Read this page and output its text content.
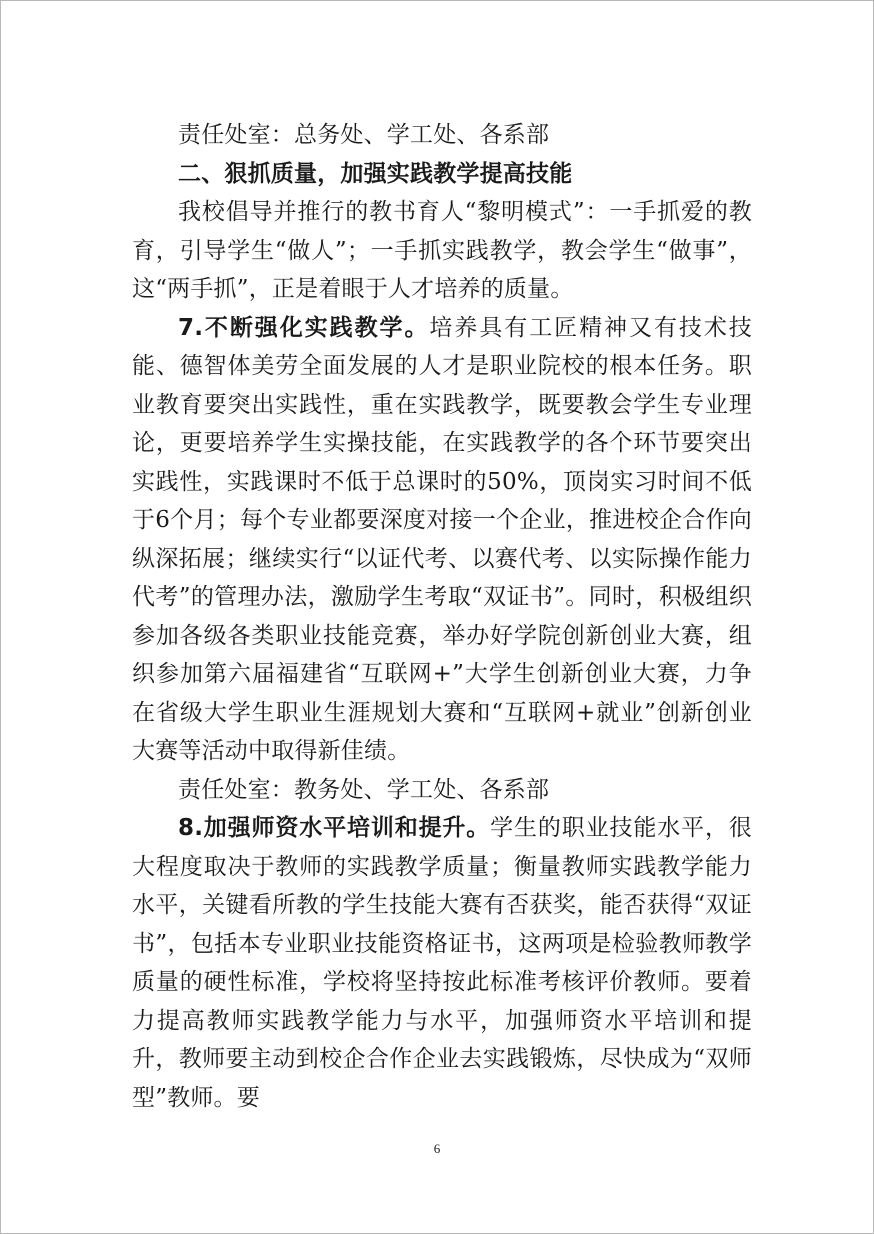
责任处室：总务处、学工处、各系部

二、狠抓质量，加强实践教学提高技能

我校倡导并推行的教书育人“黎明模式”：一手抓爱的教育，引导学生“做人”；一手抓实践教学，教会学生“做事”，这“两手抓”，正是着眼于人才培养的质量。

7.不断强化实践教学。培养具有工匠精神又有技术技能、德智体美劳全面发展的人才是职业院校的根本任务。职业教育要突出实践性，重在实践教学，既要教会学生专业理论，更要培养学生实操技能，在实践教学的各个环节要突出实践性，实践课时不低于总课时的50%，顶岗实习时间不低于6个月；每个专业都要深度对接一个企业，推进校企合作向纵深拓展；继续实行“以证代考、以赛代考、以实际操作能力代考”的管理办法，激励学生考取“双证书”。同时，积极组织参加各级各类职业技能竞赛，举办好学院创新创业大赛，组织参加第六届福建省“互联网+”大学生创新创业大赛，力争在省级大学生职业生涯规划大赛和“互联网+就业”创新创业大赛等活动中取得新佳绩。

责任处室：教务处、学工处、各系部

8.加强师资水平培训和提升。学生的职业技能水平，很大程度取决于教师的实践教学质量；衡量教师实践教学能力水平，关键看所教的学生技能大赛有否获奖，能否获得“双证书”，包括本专业职业技能资格证书，这两项是检验教师教学质量的硬性标准，学校将坚持按此标准考核评价教师。要着力提高教师实践教学能力与水平，加强师资水平培训和提升，教师要主动到校企合作企业去实践锻炼，尽快成为“双师型”教师。要

6
